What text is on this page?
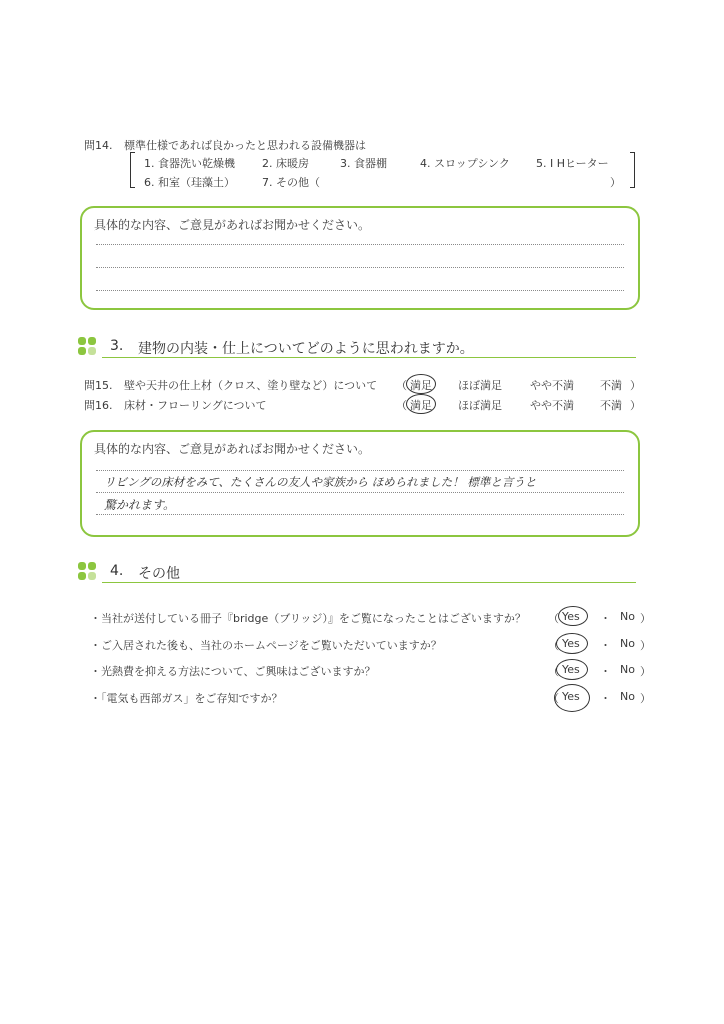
問14. 標準仕様であれば良かったと思われる設備機器は
1. 食器洗い乾燥機 2. 床暖房	3. 食器棚	4. スロップシンク 5. I Hヒーター
6. 和室（珪藻土） 7. その他（	）
具体的な内容、ご意見があればお聞かせください。
3. 建物の内装・仕上についてどのように思われますか。
問15. 壁や天井の仕上材（クロス、塗り壁など）について （ 満足 ほぼ満足	やや不満 不満 ）
問16. 床材・フローリングについて	（ 満足 ほぼ満足	やや不満 不満 ）
具体的な内容、ご意見があればお聞かせください。
リビングの床材をみて、たくさんの友人や家族から ほめられました！ 標準と言うと
驚かれます。
4. その他
・当社が送付している冊子『bridge（ブリッジ）』をご覧になったことはございますか？ （ Yes ・ No ）
・ご入居された後も、当社のホームページをご覧いただいていますか？	（ Yes ・ No ）
・光熱費を抑える方法について、ご興味はございますか？	（ Yes ・ No ）
・「電気も西部ガス」をご存知ですか？	（ Yes ・ No ）
